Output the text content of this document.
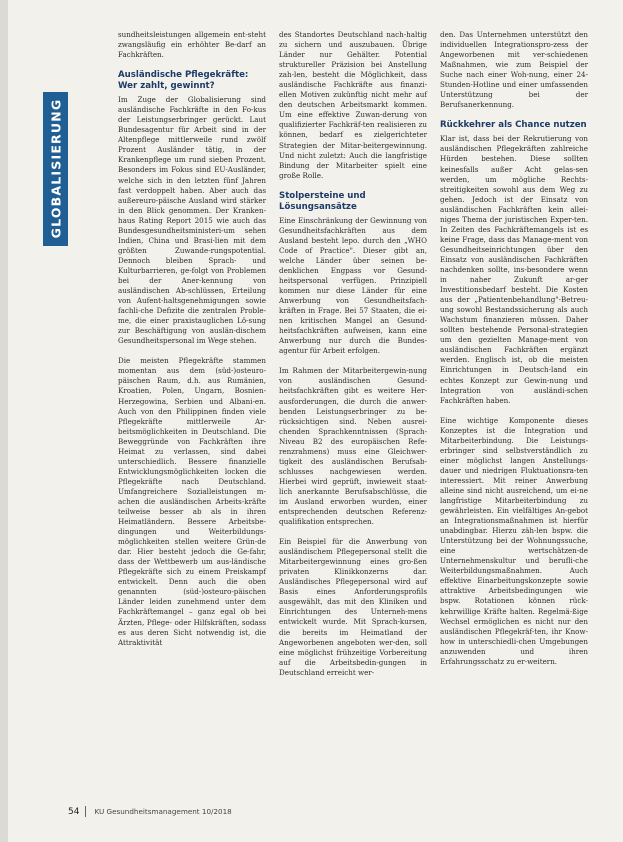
GLOBALISIERUNG

sundheitsleistungen allgemein ent-steht zwangsläufig ein erhöhter Be-darf an Fachkräften.

Ausländische Pflegekräfte: Wer zahlt, gewinnt?

Im Zuge der Globalisierung sind ausländische Fachkräfte in den Fo-kus der Leistungserbringer gerückt. Laut Bundesagentur für Arbeit sind in der Altenpflege mittlerweile rund zwölf Prozent Ausländer tätig, in der Krankenpflege um rund sieben Prozent. Besonders im Fokus sind EU-Ausländer, welche sich in den letzten fünf Jahren fast verdoppelt haben. Aber auch das außereuro-päische Ausland wird stärker in den Blick genommen. Der Kranken-haus Rating Report 2015 wie auch das Bundesgesundheitsministeri-um sehen Indien, China und Brasi-lien mit dem größten Zuwande-rungspotential. Dennoch bleiben Sprach- und Kulturbarrieren, ge-folgt von Problemen bei der Aner-kennung von ausländischen Ab-schlüssen, Erteilung von Aufent-haltsgenehmigungen sowie fachli-che Defizite die zentralen Proble-me, die einer praxistauglichen Lö-sung zur Beschäftigung von auslän-dischem Gesundheitspersonal im Wege stehen.

Die meisten Pflegekräfte stammen momentan aus dem (süd-)osteuro-päischen Raum, d.h. aus Rumänien, Kroatien, Polen, Ungarn, Bosnien-Herzegowina, Serbien und Albani-en. Auch von den Philippinen finden viele Pflegekräfte mittlerweile Ar-beitsmöglichkeiten in Deutschland. Die Beweggründe von Fachkräften ihre Heimat zu verlassen, sind dabei unterschiedlich. Bessere finanzielle Entwicklungsmöglichkeiten locken die Pflegekräfte nach Deutschland. Umfangreichere Sozialleistungen m-achen die ausländischen Arbeits-kräfte teilweise besser ab als in ihren Heimatländern. Bessere Arbeitsbe-dingungen und Weiterbildungs-möglichkeiten stellen weitere Grün-de dar. Hier besteht jedoch die Ge-fahr, dass der Wettbewerb um aus-ländische Pflegekräfte sich zu einem Preiskampf entwickelt. Denn auch die oben genannten (süd-)osteuro-päischen Länder leiden zunehmend unter dem Fachkräftemangel – ganz egal ob bei Ärzten, Pflege- oder Hilfskräften, sodass es aus deren Sicht notwendig ist, die Attraktivität

des Standortes Deutschland nach-haltig zu sichern und auszubauen. Übrige Länder nur Gehälter. Potential struktureller Präzision bei Anstellung zah-len, besteht die Möglichkeit, dass ausländische Fachkräfte aus finanzi-ellen Motiven zukünftig nicht mehr auf den deutschen Arbeitsmarkt kommen. Um eine effektive Zuwan-derung von qualifizierter Fachkräf-ten realisieren zu können, bedarf es zielgerichteter Strategien der Mitar-beitergewinnung. Und nicht zuletzt: Auch die langfristige Bindung der Mitarbeiter spielt eine große Rolle.

Stolpersteine und Lösungsansätze

Eine Einschränkung der Gewinnung von Gesundheitsfachkräften aus dem Ausland besteht lepo. durch den „WHO Code of Practice". Dieser gibt an, welche Länder über seinen be-denklichen Engpass vor Gesund-heitspersonal verfügen. Prinzipiell kommen nur diese Länder für eine Anwerbung von Gesundheitsfach-kräften in Frage. Bei 57 Staaten, die ei-nen kritischen Mangel an Gesund-heitsfachkräften aufweisen, kann eine Anwerbung nur durch die Bundes-agentur für Arbeit erfolgen.

Im Rahmen der Mitarbeitergewin-nung von ausländischen Gesund-heitsfachkräften gibt es weitere Her-ausforderungen, die durch die anwer-benden Leistungserbringer zu be-rücksichtigen sind. Neben ausrei-chenden Sprachkenntnissen (Sprach-Niveau B2 des europäischen Refe-renzrahmens) muss eine Gleichwer-tigkeit des ausländischen Berufsab-schlusses nachgewiesen werden. Hierbei wird geprüft, inwieweit staat-lich anerkannte Berufsabschlüsse, die im Ausland erworben wurden, einer entsprechenden deutschen Referenz-qualifikation entsprechen.

Ein Beispiel für die Anwerbung von ausländischem Pflegepersonal stellt die Mitarbeitergewinnung eines gro-ßen privaten Klinikkonzerns dar. Ausländisches Pflegepersonal wird auf Basis eines Anforderungsprofils ausgewählt, das mit den Kliniken und Einrichtungen des Unterneh-mens entwickelt wurde. Mit Sprach-kursen, die bereits im Heimatland der Angeworbenen angeboten wer-den, soll eine möglichst frühzeitige Vorbereitung auf die Arbeitsbedin-gungen in Deutschland erreicht wer-

den. Das Unternehmen unterstützt den individuellen Integrationspro-zess der Angeworbenen mit ver-schiedenen Maßnahmen, wie zum Beispiel der Suche nach einer Woh-nung, einer 24-Stunden-Hotline und einer umfassenden Unterstützung bei der Berufsanerkennung.

Rückkehrer als Chance nutzen

Klar ist, dass bei der Rekrutierung von ausländischen Pflegekräften zahlreiche Hürden bestehen. Diese sollten keinesfalls außer Acht gelas-sen werden, um mögliche Rechts-streitigkeiten sowohl aus dem Weg zu gehen. Jedoch ist der Einsatz von ausländischen Fachkräften kein allei-niges Thema der juristischen Exper-ten. In Zeiten des Fachkräftemangels ist es keine Frage, dass das Manage-ment von Gesundheitseinrichtungen über den Einsatz von ausländischen Fachkräften nachdenken sollte, ins-besondere wenn in naher Zukunft ar-ger Investitionsbedarf besteht. Die Kosten aus der „Patientenbehandlung"-Betreu-ung sowohl Bestandssicherung als auch Wachstum finanzieren müssen. Daher sollten bestehende Personal-strategien um den gezielten Manage-ment von ausländischen Fachkräften ergänzt werden. Englisch ist, ob die meisten Einrichtungen in Deutsch-land ein echtes Konzept zur Gewin-nung und Integration von ausländi-schen Fachkräften haben.

Eine wichtige Komponente dieses Konzeptes ist die Integration und Mitarbeiterbindung. Die Leistungs-erbringer sind selbstverständlich zu einer möglichst langen Anstellungs-dauer und niedrigen Fluktuationsra-ten interessiert. Mit reiner Anwerbung alleine sind nicht ausreichend, um ei-ne langfristige Mitarbeiterbindung zu gewährleisten. Ein vielfältiges An-gebot an Integrationsmaßnahmen ist hierfür unabdingbar. Hierzu zäh-len bspw. die Unterstützung bei der Wohnungssuche, eine wertschätzen-de Unternehmenskultur und berufli-che Weiterbildungsmaßnahmen. Auch effektive Einarbeitungskonzepte sowie attraktive Arbeitsbedingungen wie bspw. Rotationen können rück-kehrwillige Kräfte halten. Regelmä-ßige Wechsel ermöglichen es nicht nur den ausländischen Pflegekräf-ten, ihr Know-how in unterschiedli-chen Umgebungen anzuwenden und ihren Erfahrungsschatz zu er-weitern.

54 KU Gesundheitsmanagement 10/2018
